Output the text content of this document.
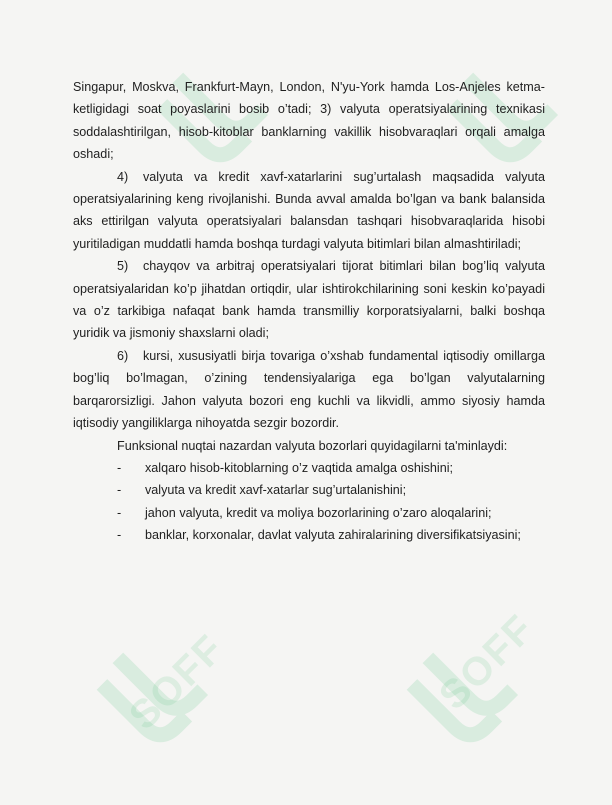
SOFF	SOFF

Singapur, Moskva, Frankfurt-Mayn, London, N'yu-York hamda Los-Anjeles ketma-ketligidagi soat poyaslarini bosib o’tadi; 3) valyuta operatsiyalarining texnikasi soddalashtirilgan, hisob-kitoblar banklarning vakillik hisobvaraqlari orqali amalga oshadi;

4) valyuta va kredit xavf-xatarlarini sug’urtalash maqsadida valyuta operatsiyalarining keng rivojlanishi. Bunda avval amalda bo’lgan va bank balansida aks ettirilgan valyuta operatsiyalari balansdan tashqari hisobvaraqlarida hisobi yuritiladigan muddatli hamda boshqa turdagi valyuta bitimlari bilan almashtiriladi;

5) chayqov va arbitraj operatsiyalari tijorat bitimlari bilan bog’liq valyuta operatsiyalaridan ko’p jihatdan ortiqdir, ular ishtirokchilarining soni keskin ko’payadi va o’z tarkibiga nafaqat bank hamda transmilliy korporatsiyalarni, balki boshqa yuridik va jismoniy shaxslarni oladi;

6) kursi, xususiyatli birja tovariga o’xshab fundamental iqtisodiy omillarga bog’liq bo’lmagan, o’zining tendensiyalariga ega bo’lgan valyutalarning barqarorsizligi. Jahon valyuta bozori eng kuchli va likvidli, ammo siyosiy hamda iqtisodiy yangiliklarga nihoyatda sezgir bozordir.

Funksional nuqtai nazardan valyuta bozorlari quyidagilarni ta'minlaydi:

- xalqaro hisob-kitoblarning o’z vaqtida amalga oshishini;
- valyuta va kredit xavf-xatarlar sug’urtalanishini;
- jahon valyuta, kredit va moliya bozorlarining o’zaro aloqalarini;
- banklar, korxonalar, davlat valyuta zahiralarining diversifikatsiyasini;
